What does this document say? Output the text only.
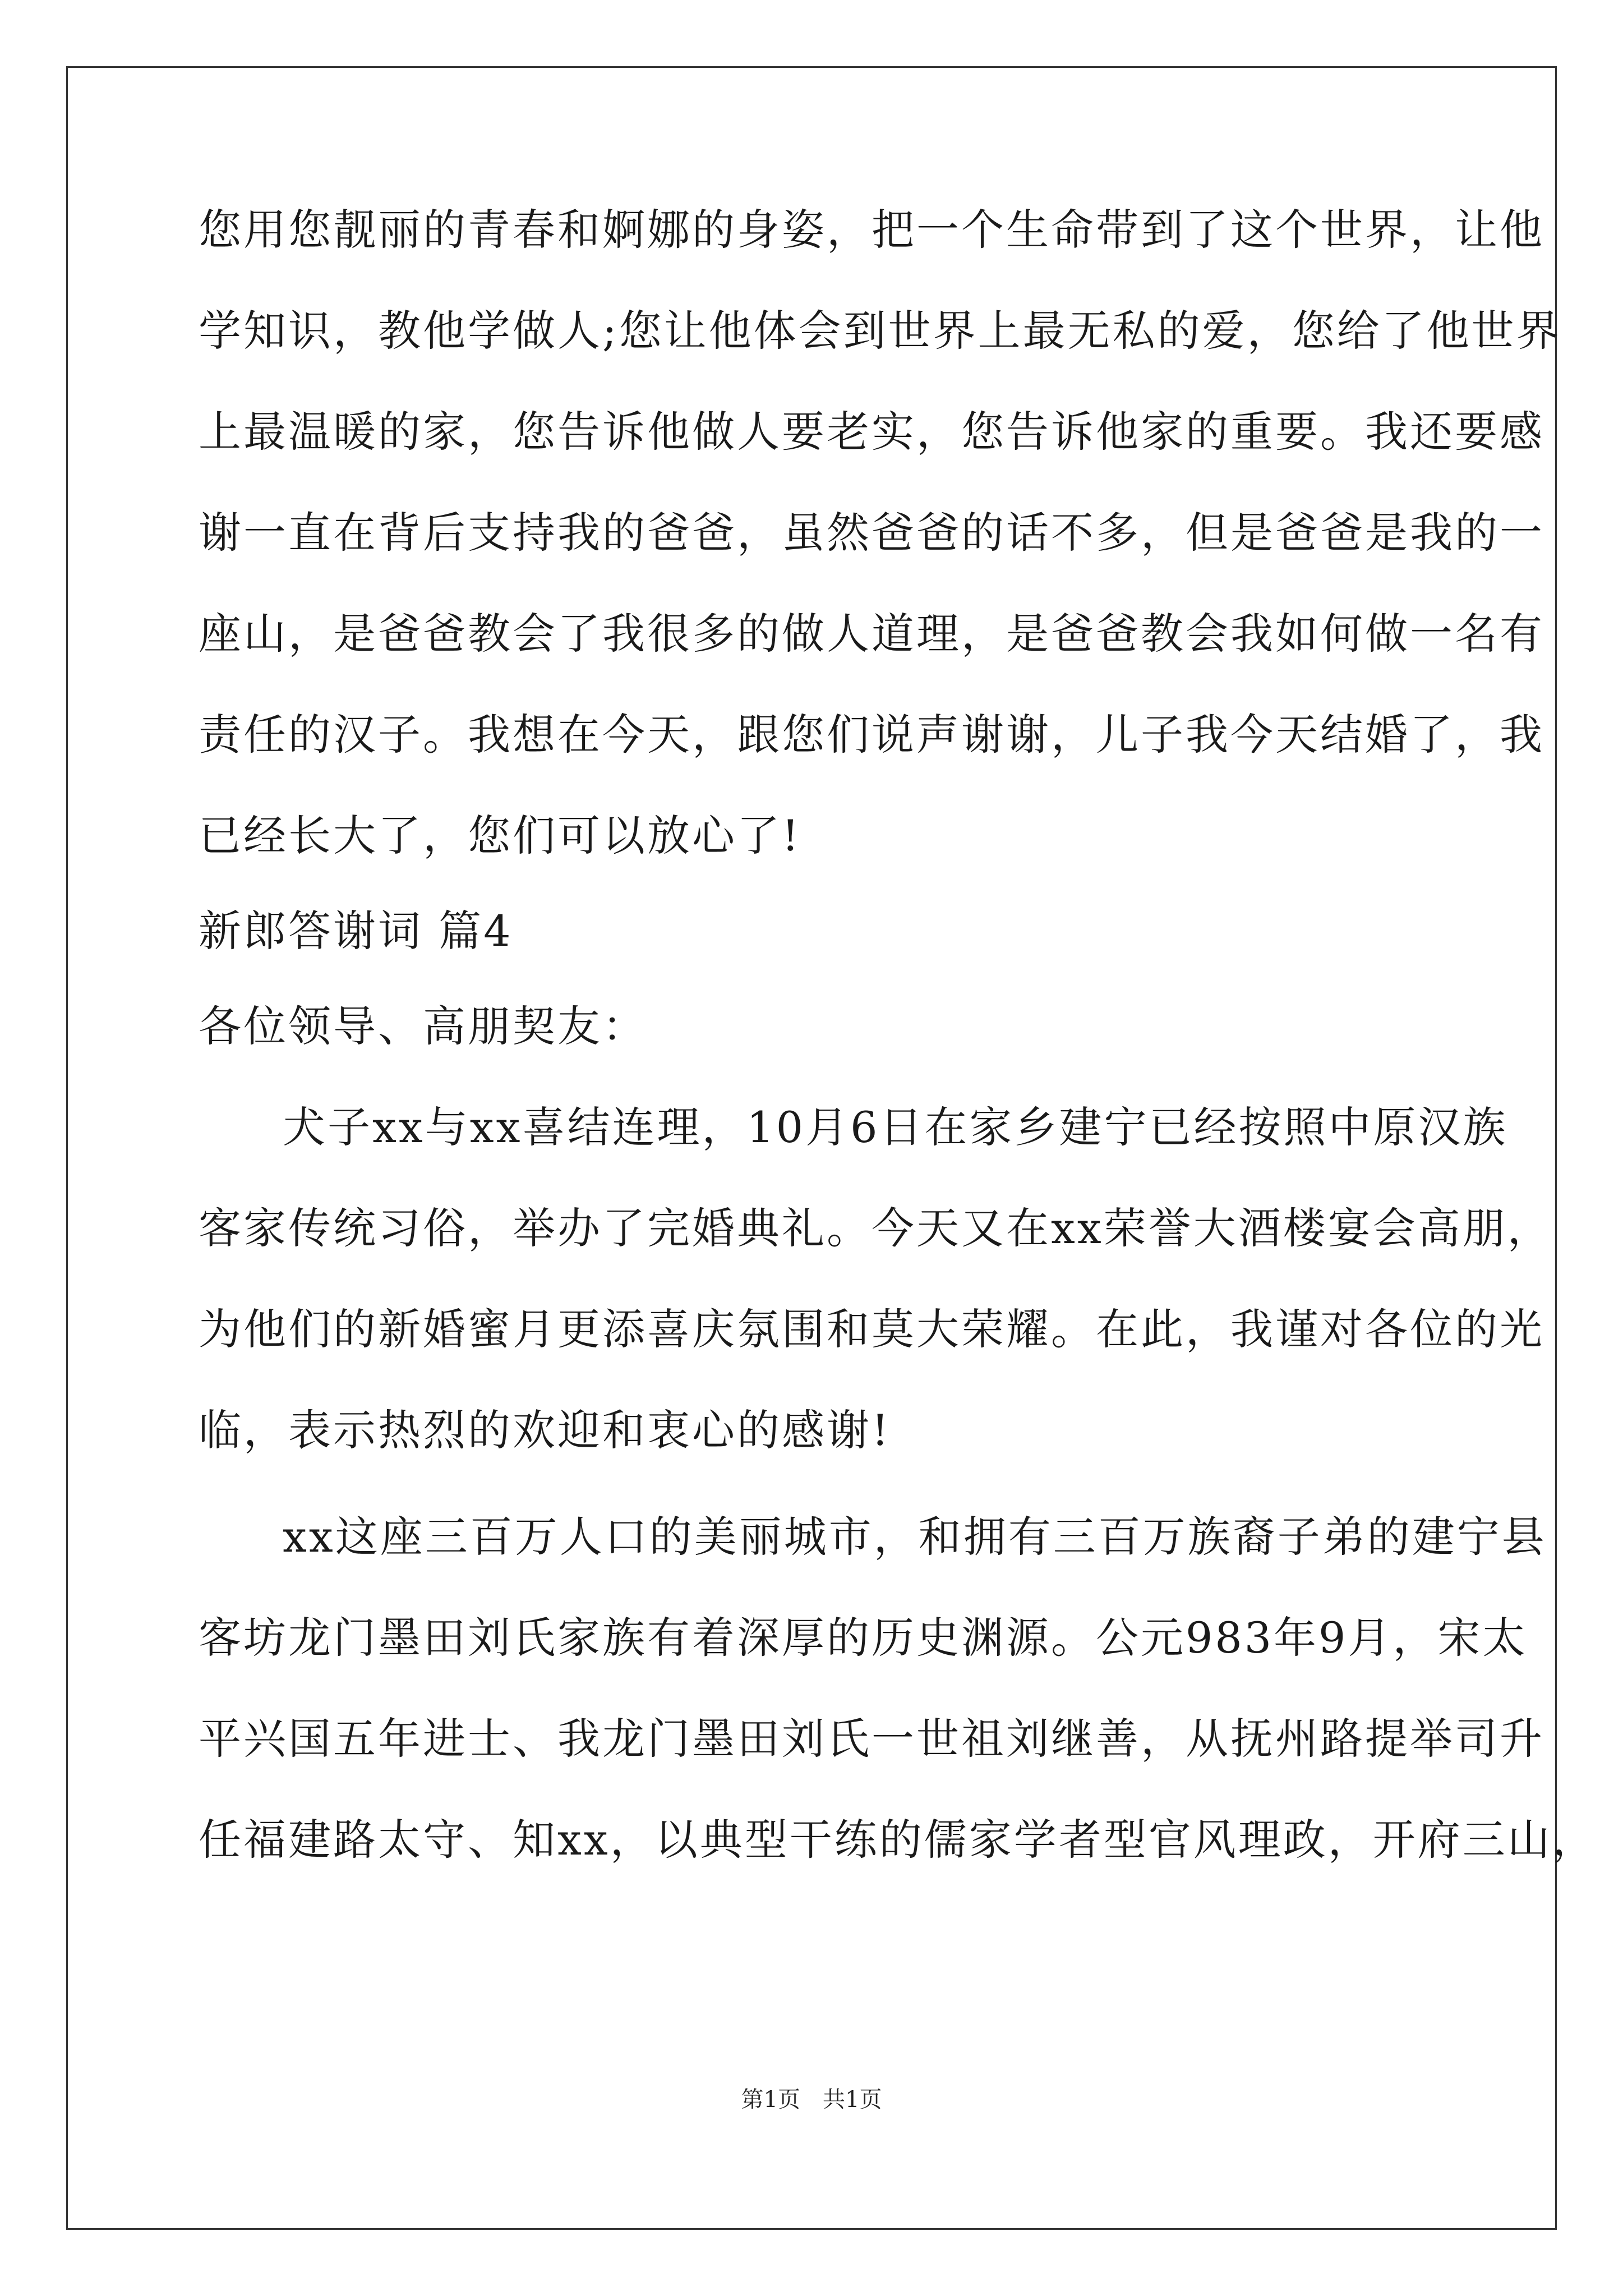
您用您靓丽的青春和婀娜的身姿，把一个生命带到了这个世界，让他
学知识，教他学做人;您让他体会到世界上最无私的爱，您给了他世界
上最温暖的家，您告诉他做人要老实，您告诉他家的重要。我还要感
谢一直在背后支持我的爸爸，虽然爸爸的话不多，但是爸爸是我的一
座山，是爸爸教会了我很多的做人道理，是爸爸教会我如何做一名有
责任的汉子。我想在今天，跟您们说声谢谢，儿子我今天结婚了，我
已经长大了，您们可以放心了!
新郎答谢词 篇4
各位领导、高朋契友：
犬子xx与xx喜结连理，10月6日在家乡建宁已经按照中原汉族
客家传统习俗，举办了完婚典礼。今天又在xx荣誉大酒楼宴会高朋，
为他们的新婚蜜月更添喜庆氛围和莫大荣耀。在此，我谨对各位的光
临，表示热烈的欢迎和衷心的感谢!
xx这座三百万人口的美丽城市，和拥有三百万族裔子弟的建宁县
客坊龙门墨田刘氏家族有着深厚的历史渊源。公元983年9月，宋太
平兴国五年进士、我龙门墨田刘氏一世祖刘继善，从抚州路提举司升
任福建路太守、知xx，以典型干练的儒家学者型官风理政，开府三山，
第1页 共1页
